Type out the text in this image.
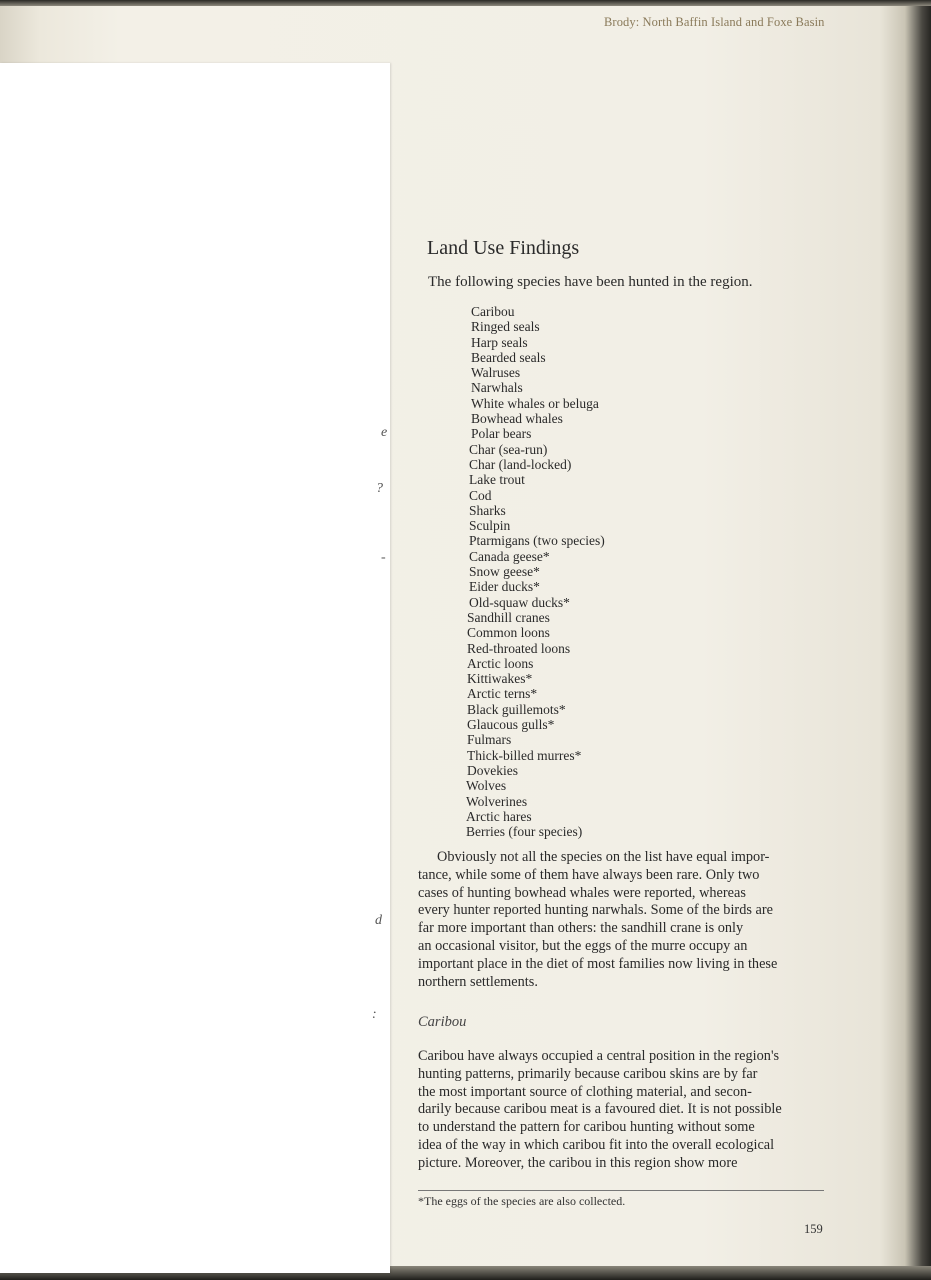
e
?
-
d
:
Brody: North Baffin Island and Foxe Basin
Land Use Findings
The following species have been hunted in the region.
Caribou
Ringed seals
Harp seals
Bearded seals
Walruses
Narwhals
White whales or beluga
Bowhead whales
Polar bears
Char (sea-run)
Char (land-locked)
Lake trout
Cod
Sharks
Sculpin
Ptarmigans (two species)
Canada geese*
Snow geese*
Eider ducks*
Old-squaw ducks*
Sandhill cranes
Common loons
Red-throated loons
Arctic loons
Kittiwakes*
Arctic terns*
Black guillemots*
Glaucous gulls*
Fulmars
Thick-billed murres*
Dovekies
Wolves
Wolverines
Arctic hares
Berries (four species)
Obviously not all the species on the list have equal impor-
tance, while some of them have always been rare. Only two
cases of hunting bowhead whales were reported, whereas
every hunter reported hunting narwhals. Some of the birds are
far more important than others: the sandhill crane is only
an occasional visitor, but the eggs of the murre occupy an
important place in the diet of most families now living in these
northern settlements.
Caribou
Caribou have always occupied a central position in the region's
hunting patterns, primarily because caribou skins are by far
the most important source of clothing material, and secon-
darily because caribou meat is a favoured diet. It is not possible
to understand the pattern for caribou hunting without some
idea of the way in which caribou fit into the overall ecological
picture. Moreover, the caribou in this region show more
*The eggs of the species are also collected.
159
